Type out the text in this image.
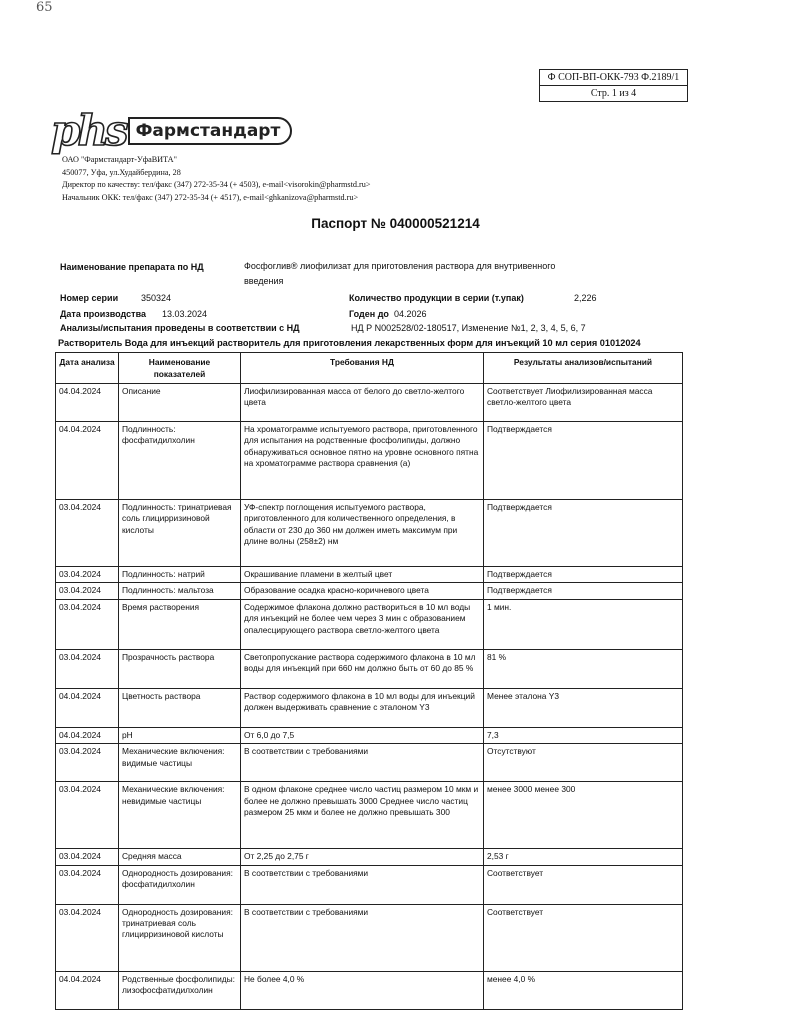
65
Ф СОП-ВП-ОКК-793 Ф.2189/1
Стр. 1 из 4
phs Фармстандарт
ОАО "Фармстандарт-УфаВИТА"
450077, Уфа, ул.Худайбердина, 28
Директор по качеству: тел/факс (347) 272-35-34 (+ 4503), e-mail<visorokin@pharmstd.ru>
Начальник ОКК: тел/факс (347) 272-35-34 (+ 4517), e-mail<ghkanizova@pharmstd.ru>
Паспорт № 040000521214
Наименование препарата по НД	Фосфоглив® лиофилизат для приготовления раствора для внутривенного
введения
Номер серии	350324	Количество продукции в серии (т.упак)	2,226
Дата производства 13.03.2024	Годен до 04.2026
Анализы/испытания проведены в соответствии с НД	НД Р N002528/02-180517, Изменение №1, 2, 3, 4, 5, 6, 7
Растворитель Вода для инъекций растворитель для приготовления лекарственных форм для инъекций 10 мл серия 01012024
Дата анализа	Наименование показателей	Требования НД	Результаты анализов/испытаний
04.04.2024	Описание	Лиофилизированная масса от белого до светло-желтого цвета	Соответствует Лиофилизированная масса светло-желтого цвета
04.04.2024	Подлинность: фосфатидилхолин	На хроматограмме испытуемого раствора, приготовленного для испытания на родственные фосфолипиды, должно обнаруживаться основное пятно на уровне основного пятна на хроматограмме раствора сравнения (а)	Подтверждается
03.04.2024	Подлинность: тринатриевая соль глицирризиновой кислоты	УФ-спектр поглощения испытуемого раствора, приготовленного для количественного определения, в области от 230 до 360 нм должен иметь максимум при длине волны (258±2) нм	Подтверждается
03.04.2024	Подлинность: натрий	Окрашивание пламени в желтый цвет	Подтверждается
03.04.2024	Подлинность: мальтоза	Образование осадка красно-коричневого цвета	Подтверждается
03.04.2024	Время растворения	Содержимое флакона должно раствориться в 10 мл воды для инъекций не более чем через 3 мин с образованием опалесцирующего раствора светло-желтого цвета	1 мин.
03.04.2024	Прозрачность раствора	Светопропускание раствора содержимого флакона в 10 мл воды для инъекций при 660 нм должно быть от 60 до 85 %	81 %
04.04.2024	Цветность раствора	Раствор содержимого флакона в 10 мл воды для инъекций должен выдерживать сравнение с эталоном Y3	Менее эталона Y3
04.04.2024	pH	От 6,0 до 7,5	7,3
03.04.2024	Механические включения: видимые частицы	В соответствии с требованиями	Отсутствуют
03.04.2024	Механические включения: невидимые частицы	В одном флаконе среднее число частиц размером 10 мкм и более не должно превышать 3000 Среднее число частиц размером 25 мкм и более не должно превышать 300	менее 3000 менее 300
03.04.2024	Средняя масса	От 2,25 до 2,75 г	2,53 г
03.04.2024	Однородность дозирования: фосфатидилхолин	В соответствии с требованиями	Соответствует
03.04.2024	Однородность дозирования: тринатриевая соль глицирризиновой кислоты	В соответствии с требованиями	Соответствует
04.04.2024	Родственные фосфолипиды: лизофосфатидилхолин	Не более 4,0 %	менее 4,0 %
